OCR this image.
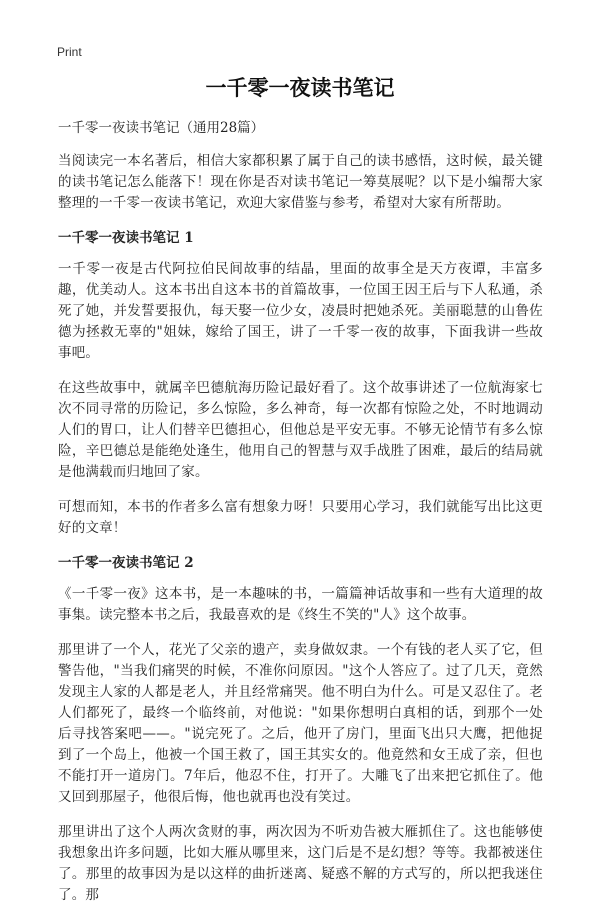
Print
一千零一夜读书笔记

一千零一夜读书笔记（通用28篇）

当阅读完一本名著后，相信大家都积累了属于自己的读书感悟，这时候，最关键的读书笔记怎么能落下！现在你是否对读书笔记一筹莫展呢？以下是小编帮大家整理的一千零一夜读书笔记，欢迎大家借鉴与参考，希望对大家有所帮助。

一千零一夜读书笔记 1

一千零一夜是古代阿拉伯民间故事的结晶，里面的故事全是天方夜谭，丰富多趣，优美动人。这本书出自这本书的首篇故事，一位国王因王后与下人私通，杀死了她，并发誓要报仇，每天娶一位少女，凌晨时把她杀死。美丽聪慧的山鲁佐德为拯救无辜的"姐妹，嫁给了国王，讲了一千零一夜的故事，下面我讲一些故事吧。

在这些故事中，就属辛巴德航海历险记最好看了。这个故事讲述了一位航海家七次不同寻常的历险记，多么惊险，多么神奇，每一次都有惊险之处，不时地调动人们的胃口，让人们替辛巴德担心，但他总是平安无事。不够无论情节有多么惊险，辛巴德总是能绝处逢生，他用自己的智慧与双手战胜了困难，最后的结局就是他满载而归地回了家。

可想而知，本书的作者多么富有想象力呀！只要用心学习，我们就能写出比这更好的文章！

一千零一夜读书笔记 2

《一千零一夜》这本书，是一本趣味的书，一篇篇神话故事和一些有大道理的故事集。读完整本书之后，我最喜欢的是《终生不笑的"人》这个故事。

那里讲了一个人，花光了父亲的遗产，卖身做奴隶。一个有钱的老人买了它，但警告他，"当我们痛哭的时候，不准你问原因。"这个人答应了。过了几天，竟然发现主人家的人都是老人，并且经常痛哭。他不明白为什么。可是又忍住了。老人们都死了，最终一个临终前，对他说："如果你想明白真相的话，到那个一处后寻找答案吧——。"说完死了。之后，他开了房门，里面飞出只大鹰，把他捉到了一个岛上，他被一个国王救了，国王其实女的。他竟然和女王成了亲，但也不能打开一道房门。7年后，他忍不住，打开了。大雕飞了出来把它抓住了。他又回到那屋子，他很后悔，他也就再也没有笑过。

那里讲出了这个人两次贪财的事，两次因为不听劝告被大雁抓住了。这也能够使我想象出许多问题，比如大雁从哪里来，这门后是不是幻想？等等。我都被迷住了。那里的故事因为是以这样的曲折迷离、疑惑不解的方式写的，所以把我迷住了。那
